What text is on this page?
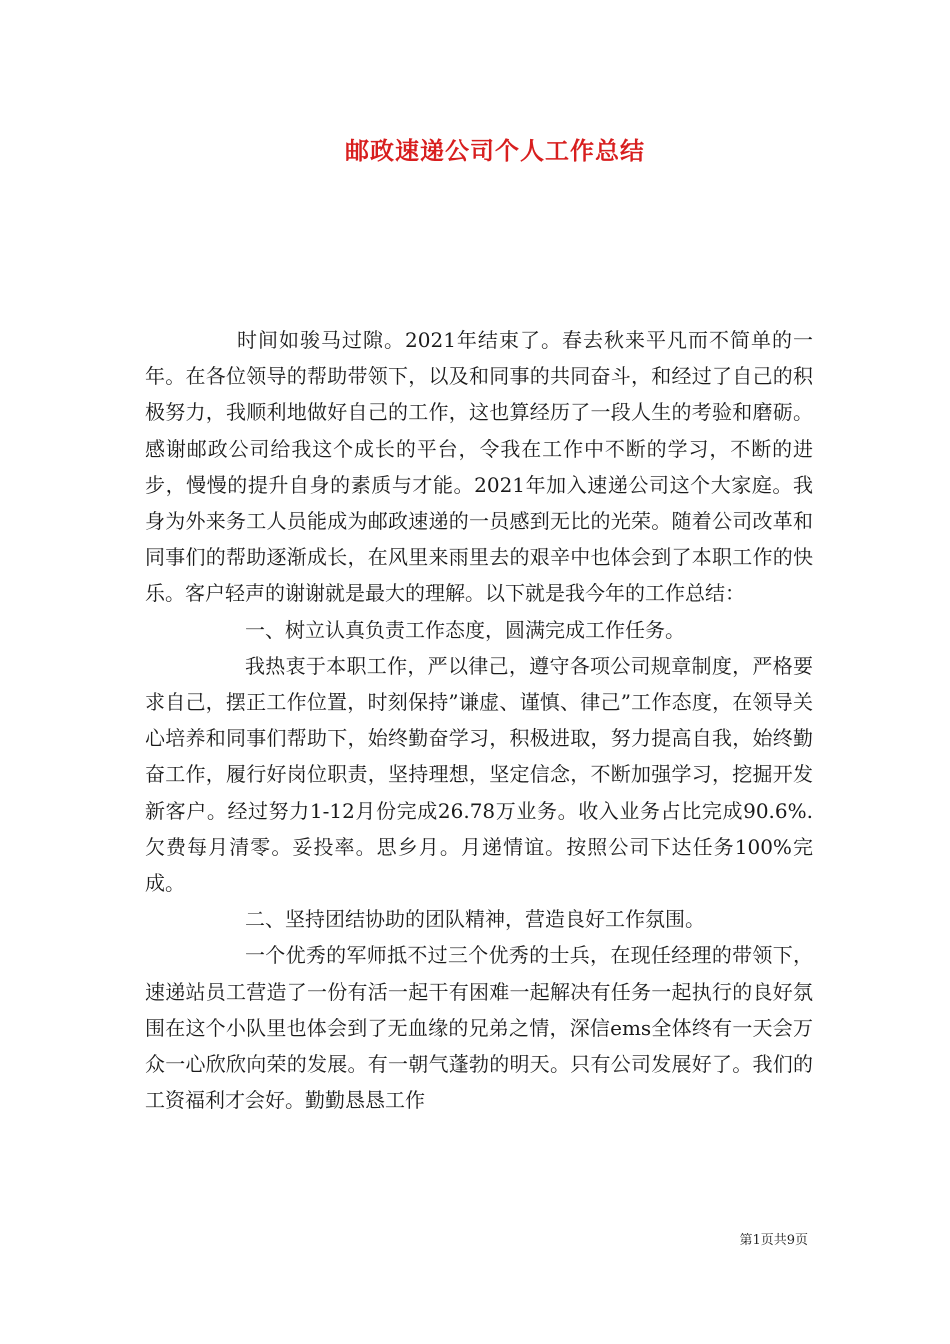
邮政速递公司个人工作总结

时间如骏马过隙。2021年结束了。春去秋来平凡而不简单的一年。在各位领导的帮助带领下，以及和同事的共同奋斗，和经过了自己的积极努力，我顺利地做好自己的工作，这也算经历了一段人生的考验和磨砺。感谢邮政公司给我这个成长的平台，令我在工作中不断的学习，不断的进步，慢慢的提升自身的素质与才能。2021年加入速递公司这个大家庭。我身为外来务工人员能成为邮政速递的一员感到无比的光荣。随着公司改革和同事们的帮助逐渐成长，在风里来雨里去的艰辛中也体会到了本职工作的快乐。客户轻声的谢谢就是最大的理解。以下就是我今年的工作总结：

一、树立认真负责工作态度，圆满完成工作任务。

我热衷于本职工作，严以律己，遵守各项公司规章制度，严格要求自己，摆正工作位置，时刻保持”谦虚、谨慎、律己”工作态度，在领导关心培养和同事们帮助下，始终勤奋学习，积极进取，努力提高自我，始终勤奋工作，履行好岗位职责，坚持理想，坚定信念，不断加强学习，挖掘开发新客户。经过努力1-12月份完成26.78万业务。收入业务占比完成90.6%.欠费每月清零。妥投率。思乡月。月递情谊。按照公司下达任务100%完成。

二、坚持团结协助的团队精神，营造良好工作氛围。

一个优秀的军师抵不过三个优秀的士兵，在现任经理的带领下，速递站员工营造了一份有活一起干有困难一起解决有任务一起执行的良好氛围在这个小队里也体会到了无血缘的兄弟之情，深信ems全体终有一天会万众一心欣欣向荣的发展。有一朝气蓬勃的明天。只有公司发展好了。我们的工资福利才会好。勤勤恳恳工作

第1页共9页
